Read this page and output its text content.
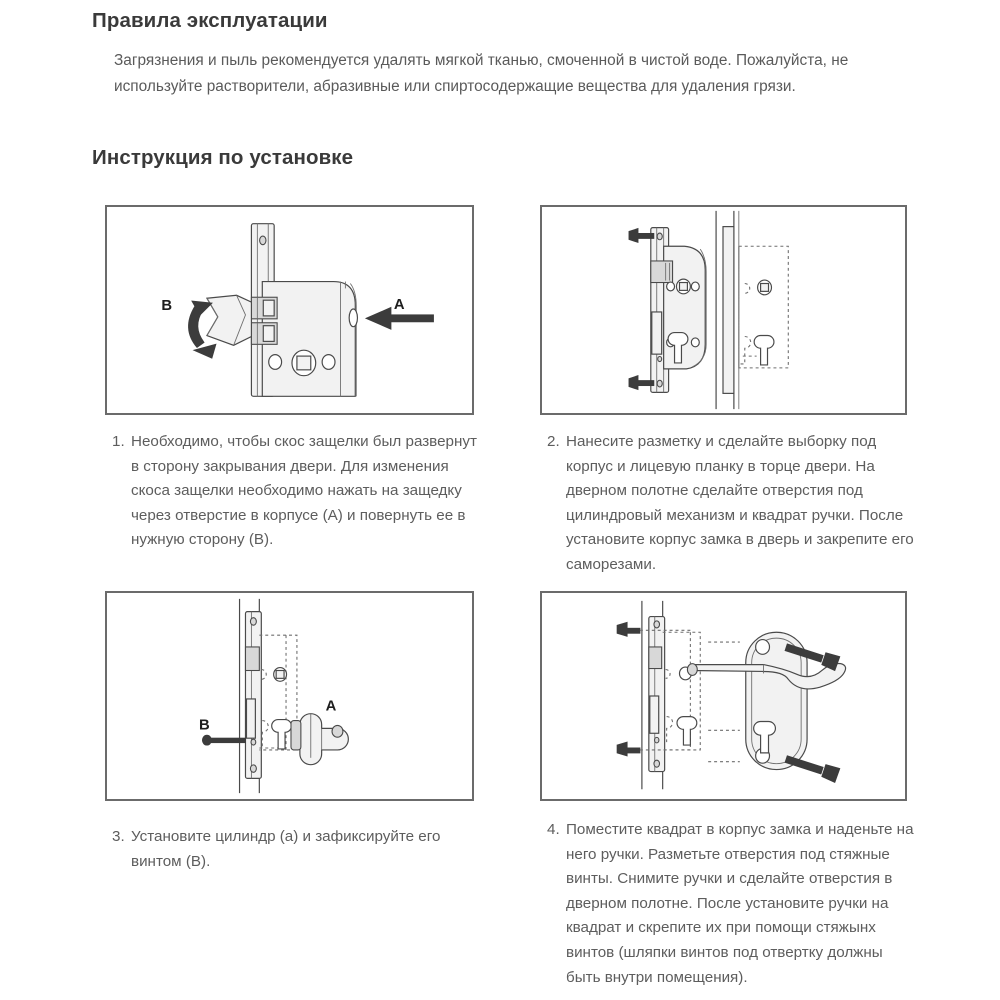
Правила эксплуатации
Загрязнения и пыль рекомендуется удалять мягкой тканью, смоченной в чистой воде. Пожалуйста, не используйте растворители, абразивные или спиртосодержащие вещества для удаления грязи.
Инструкция по установке
B	A
1. Необходимо, чтобы скос защелки был развернут в сторону закрывания двери. Для изменения скоса защелки необходимо нажать на защедку через отверстие в корпусе (A) и повернуть ее в нужную сторону (B).
2. Нанесите разметку и сделайте выборку под корпус и лицевую планку в торце двери. На дверном полотне сделайте отверстия под цилиндровый механизм и квадрат ручки. После установите корпус замка в дверь и закрепите его саморезами.
A
B
3. Установите цилиндр (а) и зафиксируйте его винтом (В).
4. Поместите квадрат в корпус замка и наденьте на него ручки. Разметьте отверстия под стяжные винты. Снимите ручки и сделайте отверстия в дверном полотне. После установите ручки на квадрат и скрепите их при помощи стяжынх винтов (шляпки винтов под отвертку должны быть внутри помещения).
